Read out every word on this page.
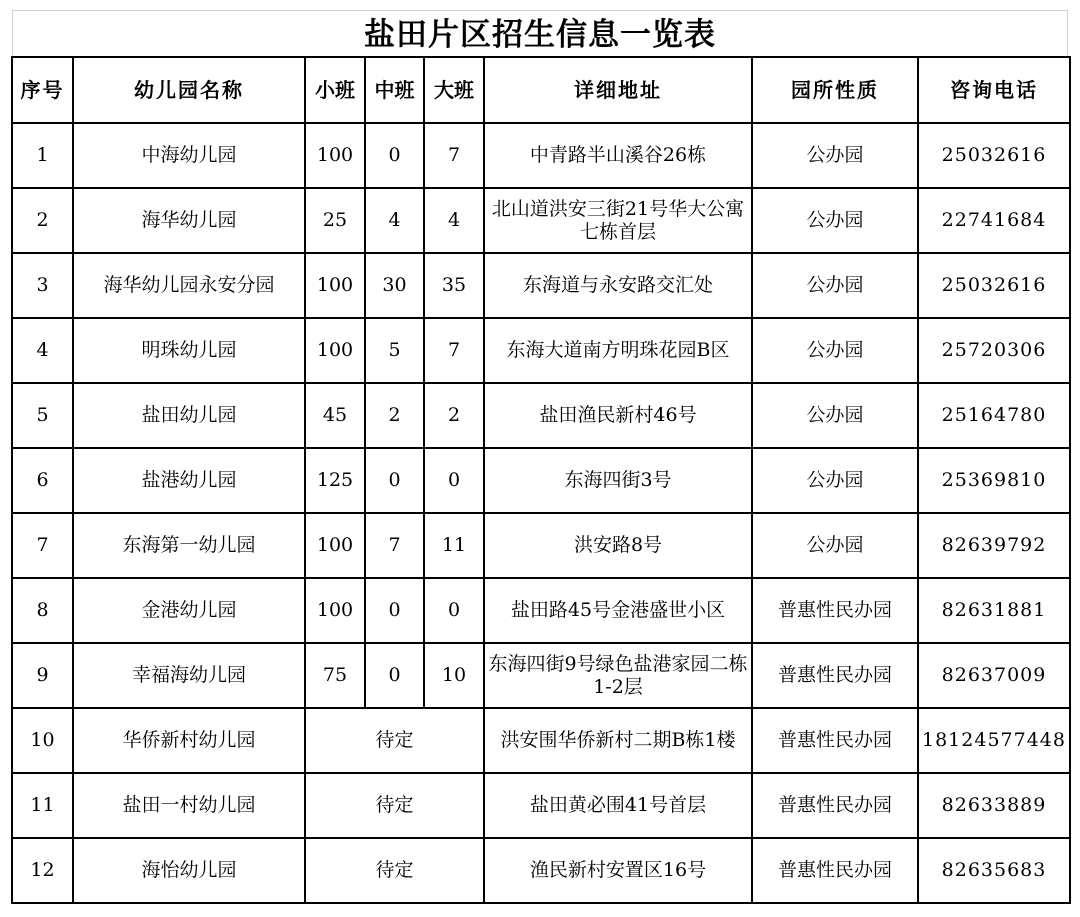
盐田片区招生信息一览表
序号	幼儿园名称	小班	中班	大班	详细地址	园所性质	咨询电话
1	中海幼儿园	100	0	7	中青路半山溪谷26栋	公办园	25032616
2	海华幼儿园	25	4	4	北山道洪安三街21号华大公寓七栋首层	公办园	22741684
3	海华幼儿园永安分园	100	30	35	东海道与永安路交汇处	公办园	25032616
4	明珠幼儿园	100	5	7	东海大道南方明珠花园B区	公办园	25720306
5	盐田幼儿园	45	2	2	盐田渔民新村46号	公办园	25164780
6	盐港幼儿园	125	0	0	东海四街3号	公办园	25369810
7	东海第一幼儿园	100	7	11	洪安路8号	公办园	82639792
8	金港幼儿园	100	0	0	盐田路45号金港盛世小区	普惠性民办园	82631881
9	幸福海幼儿园	75	0	10	东海四街9号绿色盐港家园二栋1-2层	普惠性民办园	82637009
10	华侨新村幼儿园	待定			洪安围华侨新村二期B栋1楼	普惠性民办园	18124577448
11	盐田一村幼儿园	待定			盐田黄必围41号首层	普惠性民办园	82633889
12	海怡幼儿园	待定			渔民新村安置区16号	普惠性民办园	82635683
